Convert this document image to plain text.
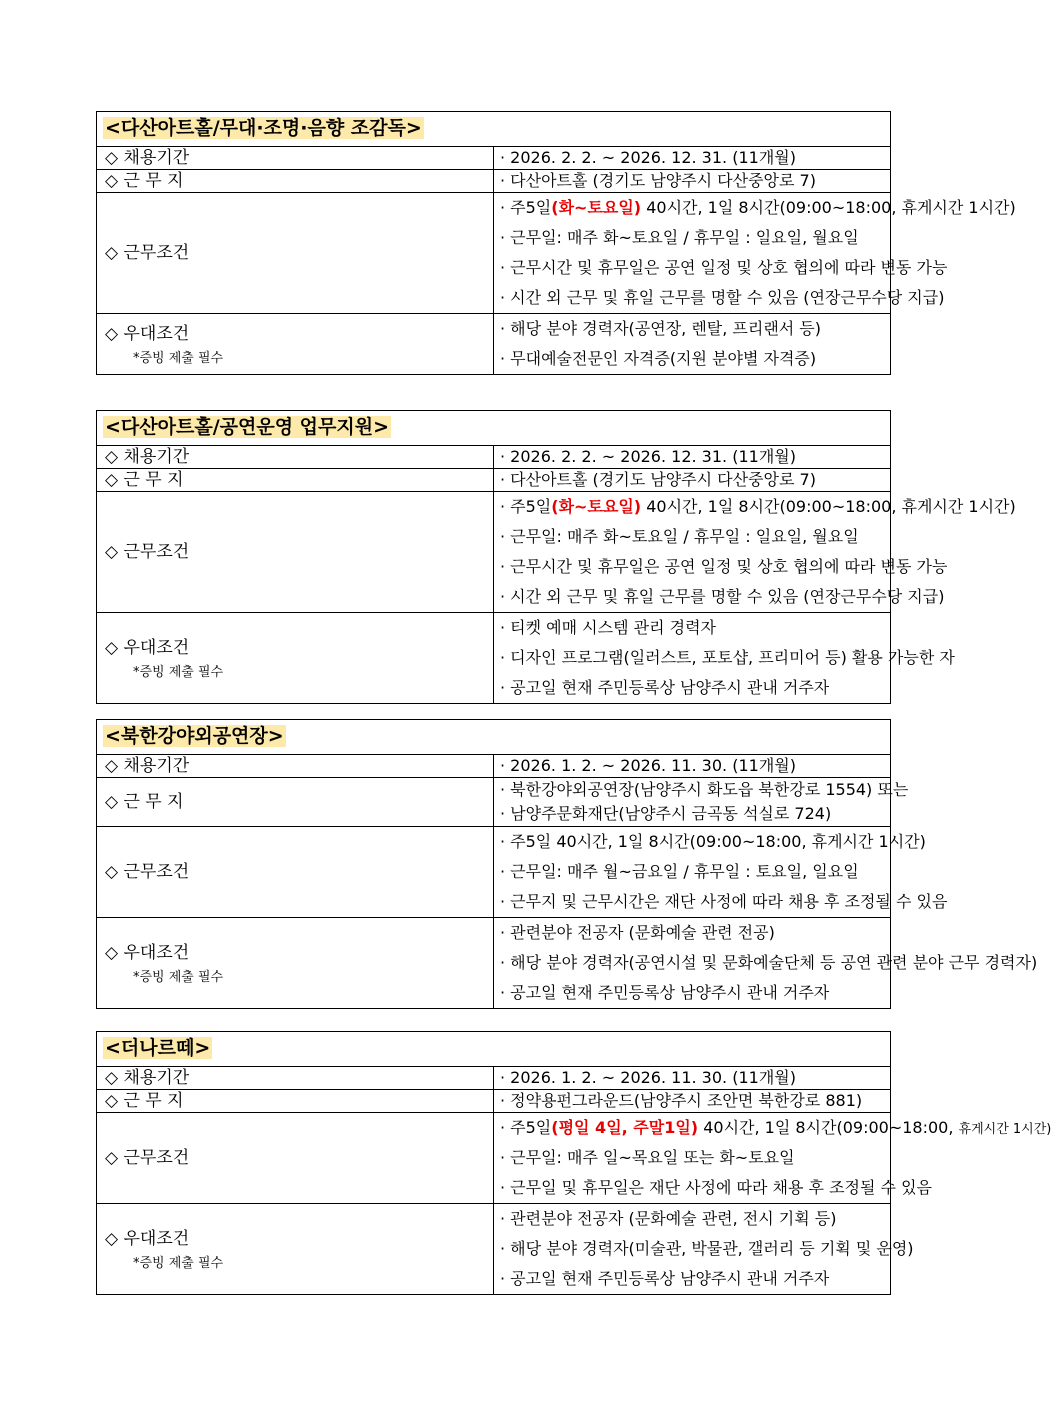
<다산아트홀/무대·조명·음향 조감독>	
◇ 채용기간	· 2026. 2. 2. ~ 2026. 12. 31. (11개월)

◇ 근 무 지	· 다산아트홀 (경기도 남양주시 다산중앙로 7)

◇ 근무조건	· 주5일(화~토요일) 40시간, 1일 8시간(09:00~18:00, 휴게시간 1시간)
· 근무일: 매주 화~토요일 / 휴무일 : 일요일, 월요일
· 근무시간 및 휴무일은 공연 일정 및 상호 협의에 따라 변동 가능
· 시간 외 근무 및 휴일 근무를 명할 수 있음 (연장근무수당 지급)

◇ 우대조건
*증빙 제출 필수	· 해당 분야 경력자(공연장, 렌탈, 프리랜서 등)
· 무대예술전문인 자격증(지원 분야별 자격증)
<다산아트홀/공연운영 업무지원>	
◇ 채용기간	· 2026. 2. 2. ~ 2026. 12. 31. (11개월)

◇ 근 무 지	· 다산아트홀 (경기도 남양주시 다산중앙로 7)

◇ 근무조건	· 주5일(화~토요일) 40시간, 1일 8시간(09:00~18:00, 휴게시간 1시간)
· 근무일: 매주 화~토요일 / 휴무일 : 일요일, 월요일
· 근무시간 및 휴무일은 공연 일정 및 상호 협의에 따라 변동 가능
· 시간 외 근무 및 휴일 근무를 명할 수 있음 (연장근무수당 지급)

◇ 우대조건
*증빙 제출 필수	· 티켓 예매 시스템 관리 경력자
· 디자인 프로그램(일러스트, 포토샵, 프리미어 등) 활용 가능한 자
· 공고일 현재 주민등록상 남양주시 관내 거주자
<북한강야외공연장>	
◇ 채용기간	· 2026. 1. 2. ~ 2026. 11. 30. (11개월)

◇ 근 무 지	· 북한강야외공연장(남양주시 화도읍 북한강로 1554) 또는
· 남양주문화재단(남양주시 금곡동 석실로 724)

◇ 근무조건	· 주5일 40시간, 1일 8시간(09:00~18:00, 휴게시간 1시간)
· 근무일: 매주 월~금요일 / 휴무일 : 토요일, 일요일
· 근무지 및 근무시간은 재단 사정에 따라 채용 후 조정될 수 있음

◇ 우대조건
*증빙 제출 필수	· 관련분야 전공자 (문화예술 관련 전공)
· 해당 분야 경력자(공연시설 및 문화예술단체 등 공연 관련 분야 근무 경력자)
· 공고일 현재 주민등록상 남양주시 관내 거주자
<더나르떼>	
◇ 채용기간	· 2026. 1. 2. ~ 2026. 11. 30. (11개월)

◇ 근 무 지	· 정약용펀그라운드(남양주시 조안면 북한강로 881)

◇ 근무조건	· 주5일(평일 4일, 주말1일) 40시간, 1일 8시간(09:00~18:00, 휴게시간 1시간)
· 근무일: 매주 일~목요일 또는 화~토요일
· 근무일 및 휴무일은 재단 사정에 따라 채용 후 조정될 수 있음

◇ 우대조건
*증빙 제출 필수	· 관련분야 전공자 (문화예술 관련, 전시 기획 등)
· 해당 분야 경력자(미술관, 박물관, 갤러리 등 기획 및 운영)
· 공고일 현재 주민등록상 남양주시 관내 거주자
